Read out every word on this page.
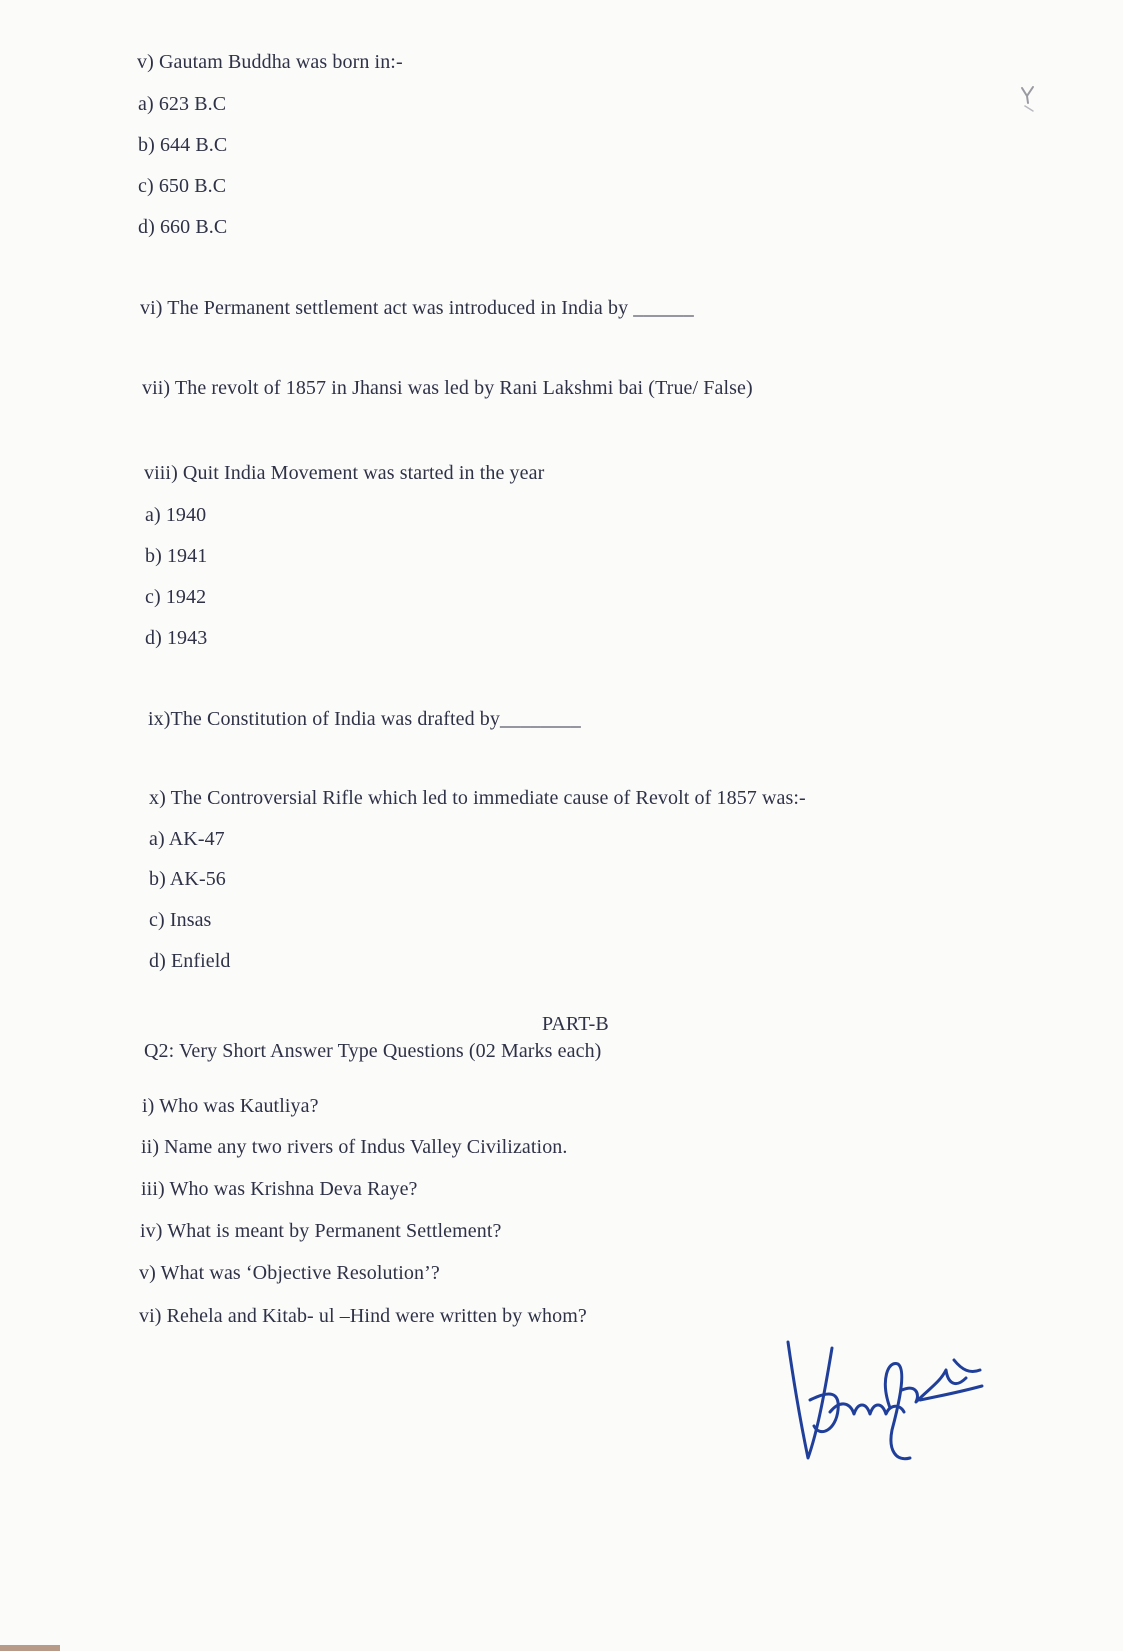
v) Gautam Buddha was born in:-
a) 623 B.C
b) 644 B.C
c) 650 B.C
d) 660 B.C
vi) The Permanent settlement act was introduced in India by ______
vii) The revolt of 1857 in Jhansi was led by Rani Lakshmi bai (True/ False)
viii) Quit India Movement was started in the year
a) 1940
b) 1941
c) 1942
d) 1943
ix)The Constitution of India was drafted by________
x) The Controversial Rifle which led to immediate cause of Revolt of 1857 was:-
a) AK-47
b) AK-56
c) Insas
d) Enfield
PART-B
Q2: Very Short Answer Type Questions (02 Marks each)
i) Who was Kautliya?
ii) Name any two rivers of Indus Valley Civilization.
iii) Who was Krishna Deva Raye?
iv) What is meant by Permanent Settlement?
v) What was ‘Objective Resolution’?
vi) Rehela and Kitab- ul –Hind were written by whom?
